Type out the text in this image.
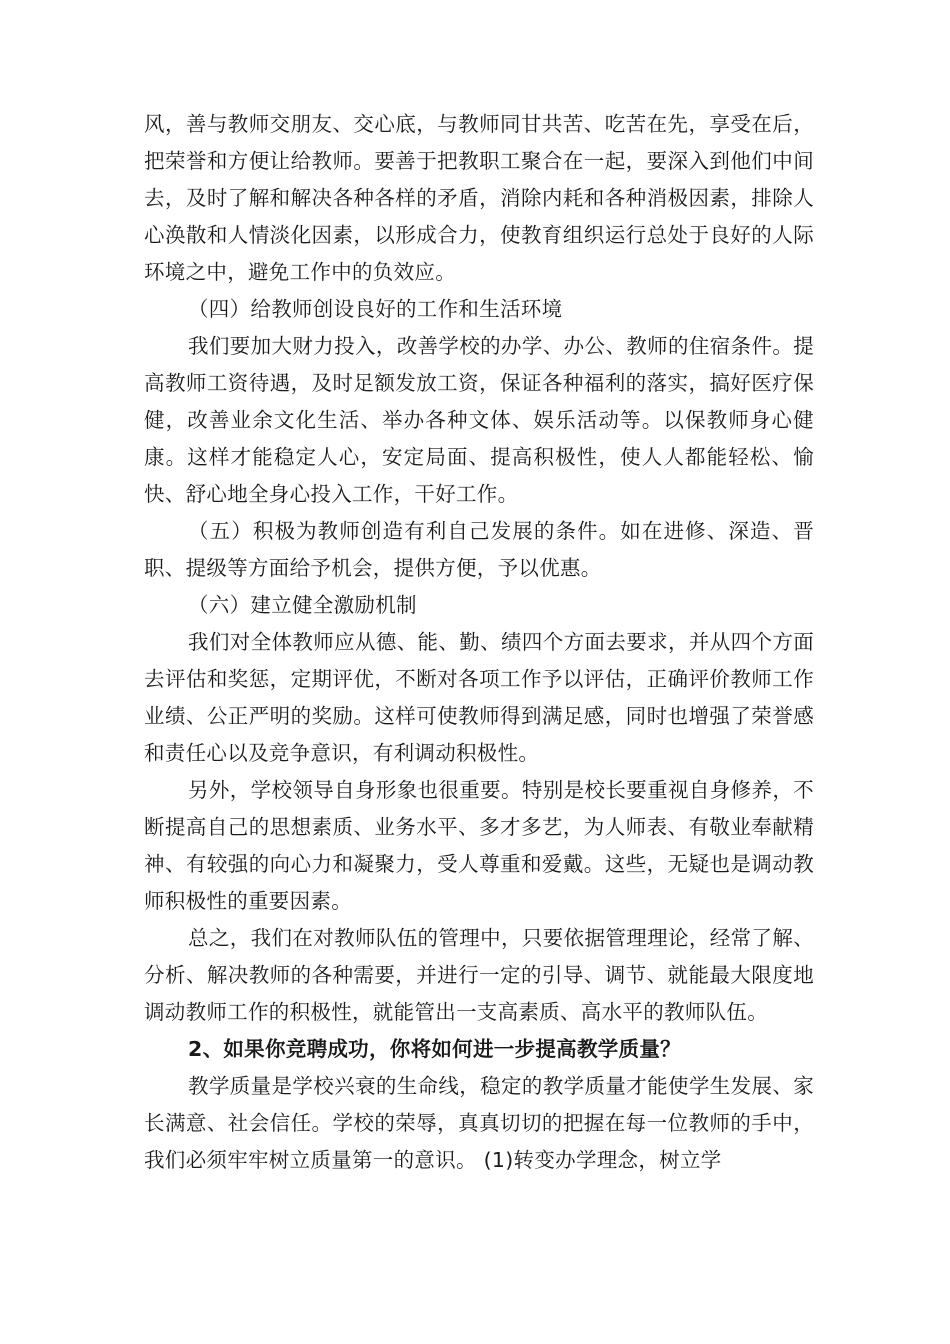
风，善与教师交朋友、交心底，与教师同甘共苦、吃苦在先，享受在后，把荣誉和方便让给教师。要善于把教职工聚合在一起，要深入到他们中间去，及时了解和解决各种各样的矛盾，消除内耗和各种消极因素，排除人心涣散和人情淡化因素，以形成合力，使教育组织运行总处于良好的人际环境之中，避免工作中的负效应。

（四）给教师创设良好的工作和生活环境

我们要加大财力投入，改善学校的办学、办公、教师的住宿条件。提高教师工资待遇，及时足额发放工资，保证各种福利的落实，搞好医疗保健，改善业余文化生活、举办各种文体、娱乐活动等。以保教师身心健康。这样才能稳定人心，安定局面、提高积极性，使人人都能轻松、愉快、舒心地全身心投入工作，干好工作。

（五）积极为教师创造有利自己发展的条件。如在进修、深造、晋职、提级等方面给予机会，提供方便，予以优惠。

（六）建立健全激励机制

我们对全体教师应从德、能、勤、绩四个方面去要求，并从四个方面去评估和奖惩，定期评优，不断对各项工作予以评估，正确评价教师工作业绩、公正严明的奖励。这样可使教师得到满足感，同时也增强了荣誉感和责任心以及竞争意识，有利调动积极性。

另外，学校领导自身形象也很重要。特别是校长要重视自身修养，不断提高自己的思想素质、业务水平、多才多艺，为人师表、有敬业奉献精神、有较强的向心力和凝聚力，受人尊重和爱戴。这些，无疑也是调动教师积极性的重要因素。

总之，我们在对教师队伍的管理中，只要依据管理理论，经常了解、分析、解决教师的各种需要，并进行一定的引导、调节、就能最大限度地调动教师工作的积极性，就能管出一支高素质、高水平的教师队伍。

2、如果你竞聘成功，你将如何进一步提高教学质量？

教学质量是学校兴衰的生命线，稳定的教学质量才能使学生发展、家长满意、社会信任。学校的荣辱，真真切切的把握在每一位教师的手中，我们必须牢牢树立质量第一的意识。 (1)转变办学理念，树立学
